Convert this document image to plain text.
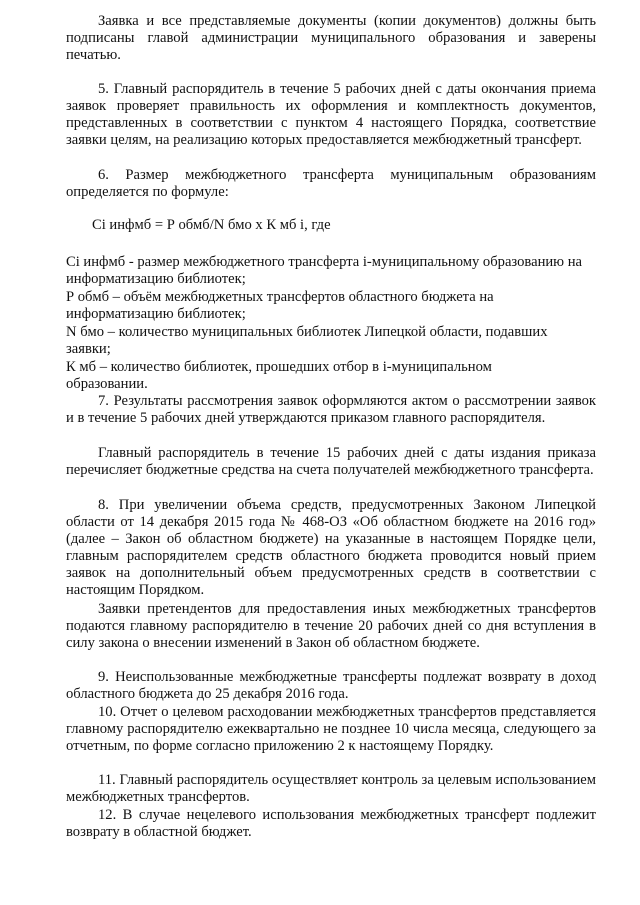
Заявка и все представляемые документы (копии документов) должны быть подписаны главой администрации муниципального образования и заверены печатью.

5. Главный распорядитель в течение 5 рабочих дней с даты окончания приема заявок проверяет правильность их оформления и комплектность документов, представленных в соответствии с пунктом 4 настоящего Порядка, соответствие заявки целям, на реализацию которых предоставляется межбюджетный трансферт.

6. Размер межбюджетного трансферта муниципальным образованиям определяется по формуле:

Сi инфмб = Р обмб/N бмо х К мб i, где

Сi инфмб - размер межбюджетного трансферта i-муниципальному образованию на информатизацию библиотек;

Р обмб – объём межбюджетных трансфертов областного бюджета на информатизацию библиотек;

N бмо – количество муниципальных библиотек Липецкой области, подавших заявки;

К мб – количество библиотек, прошедших отбор в i-муниципальном образовании.

7. Результаты рассмотрения заявок оформляются актом о рассмотрении заявок и в течение 5 рабочих дней утверждаются приказом главного распорядителя.

Главный распорядитель в течение 15 рабочих дней с даты издания приказа перечисляет бюджетные средства на счета получателей межбюджетного трансферта.

8. При увеличении объема средств, предусмотренных Законом Липецкой области от 14 декабря 2015 года № 468-ОЗ «Об областном бюджете на 2016 год» (далее – Закон об областном бюджете) на указанные в настоящем Порядке цели, главным распорядителем средств областного бюджета проводится новый прием заявок на дополнительный объем предусмотренных средств в соответствии с настоящим Порядком.

Заявки претендентов для предоставления иных межбюджетных трансфертов подаются главному распорядителю в течение 20 рабочих дней со дня вступления в силу закона о внесении изменений в Закон об областном бюджете.

9. Неиспользованные межбюджетные трансферты подлежат возврату в доход областного бюджета до 25 декабря 2016 года.

10. Отчет о целевом расходовании межбюджетных трансфертов представляется главному распорядителю ежеквартально не позднее 10 числа месяца, следующего за отчетным, по форме согласно приложению 2 к настоящему Порядку.

11. Главный распорядитель осуществляет контроль за целевым использованием межбюджетных трансфертов.

12. В случае нецелевого использования межбюджетных трансферт подлежит возврату в областной бюджет.
